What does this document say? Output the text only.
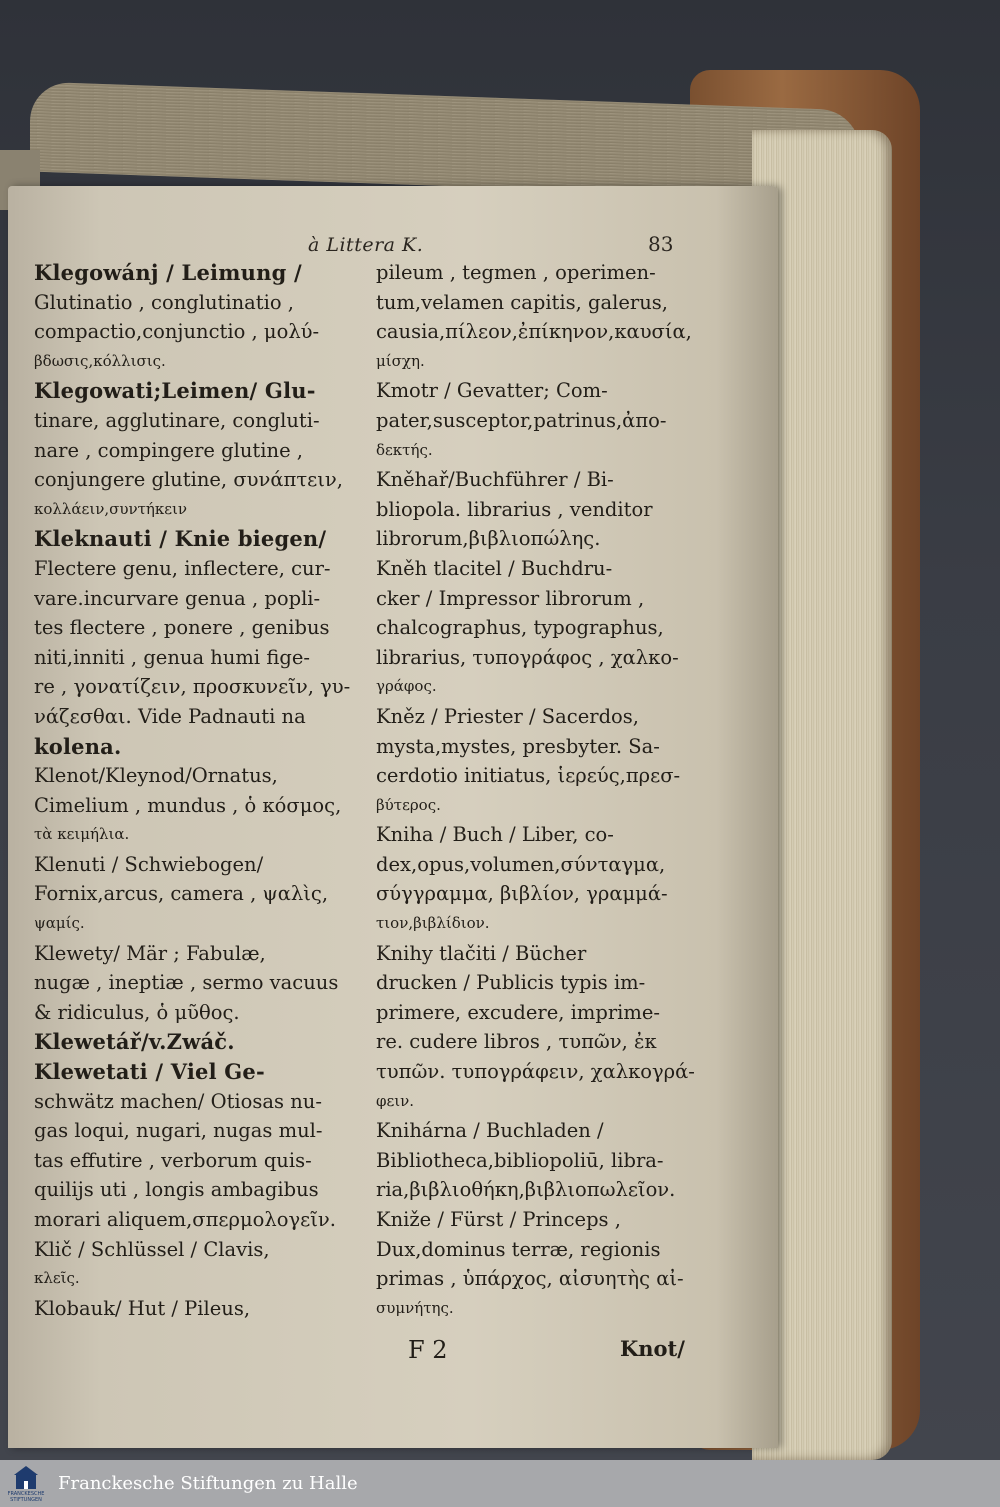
à Littera K.	83
Klegowánj / Leimung /
Glutinatio , conglutinatio ,
compactio,conjunctio , μολύ-
βδωσις,κόλλισις.
Klegowati;Leimen/ Glu-
tinare, agglutinare, congluti-
nare , compingere glutine ,
conjungere glutine, συνάπτειν,
κολλάειν,συντήκειν
Kleknauti / Knie biegen/
Flectere genu, inflectere, cur-
vare.incurvare genua , popli-
tes flectere , ponere , genibus
niti,inniti , genua humi fige-
re , γονατίζειν, προσκυνεῖν, γυ-
νάζεσθαι. Vide Padnauti na
kolena.
Klenot/Kleynod/Ornatus,
Cimelium , mundus , ὁ κόσμος,
τὰ κειμήλια.
Klenuti / Schwiebogen/
Fornix,arcus, camera , ψαλὶς,
ψαμίς.
Klewety/ Mär ; Fabulæ,
nugæ , ineptiæ , sermo vacuus
& ridiculus, ὁ μῦθος.
Klewetář/v.Zwáč.
Klewetati / Viel Ge-
schwätz machen/ Otiosas nu-
gas loqui, nugari, nugas mul-
tas effutire , verborum quis-
quilijs uti , longis ambagibus
morari aliquem,σπερμολογεῖν.
Klič / Schlüssel / Clavis,
κλεῖς.
Klobauk/ Hut / Pileus,
pileum , tegmen , operimen-
tum,velamen capitis, galerus,
causia,πίλεον,ἐπίκηνον,καυσία,
μίσχη.
Kmotr / Gevatter; Com-
pater,susceptor,patrinus,ἀπο-
δεκτής.
Kněhař/Buchführer / Bi-
bliopola. librarius , venditor
librorum,βιβλιοπώλης.
Kněh tlacitel / Buchdru-
cker / Impressor librorum ,
chalcographus, typographus,
librarius, τυπογράφος , χαλκο-
γράφος.
Kněz / Priester / Sacerdos,
mysta,mystes, presbyter. Sa-
cerdotio initiatus, ἱερεύς,πρεσ-
βύτερος.
Kniha / Buch / Liber, co-
dex,opus,volumen,σύνταγμα,
σύγγραμμα, βιβλίον, γραμμά-
τιον,βιβλίδιον.
Knihy tlačiti / Bücher
drucken / Publicis typis im-
primere, excudere, imprime-
re. cudere libros , τυπῶν, ἐκ
τυπῶν. τυπογράφειν, χαλκογρά-
φειν.
Knihárna / Buchladen /
Bibliotheca,bibliopoliū, libra-
ria,βιβλιοθήκη,βιβλιοπωλεῖον.
Kniže / Fürst / Princeps ,
Dux,dominus terræ, regionis
primas , ὑπάρχος, αἰσυητὴς αἰ-
συμνήτης.
F 2	Knot/
FRANCKESCHE STIFTUNGEN
Franckesche Stiftungen zu Halle
